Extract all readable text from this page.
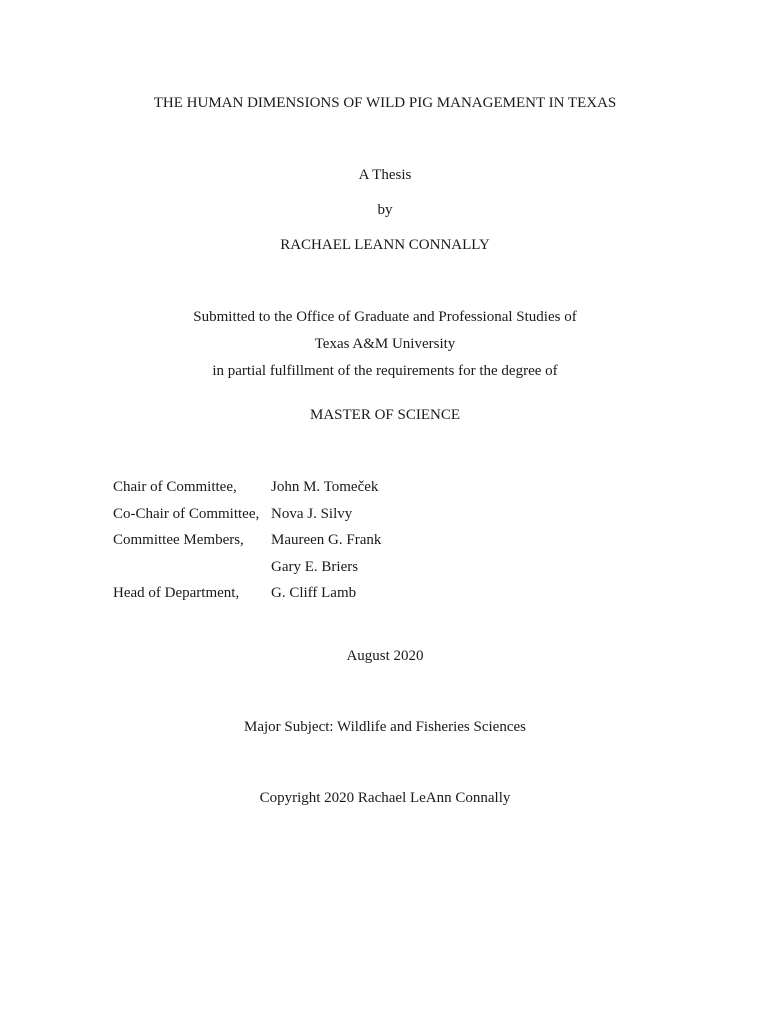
THE HUMAN DIMENSIONS OF WILD PIG MANAGEMENT IN TEXAS
A Thesis
by
RACHAEL LEANN CONNALLY
Submitted to the Office of Graduate and Professional Studies of
Texas A&M University
in partial fulfillment of the requirements for the degree of
MASTER OF SCIENCE
Chair of Committee, John M. Tomeček
Co-Chair of Committee, Nova J. Silvy
Committee Members, Maureen G. Frank
Gary E. Briers
Head of Department, G. Cliff Lamb
August 2020
Major Subject: Wildlife and Fisheries Sciences
Copyright 2020 Rachael LeAnn Connally
